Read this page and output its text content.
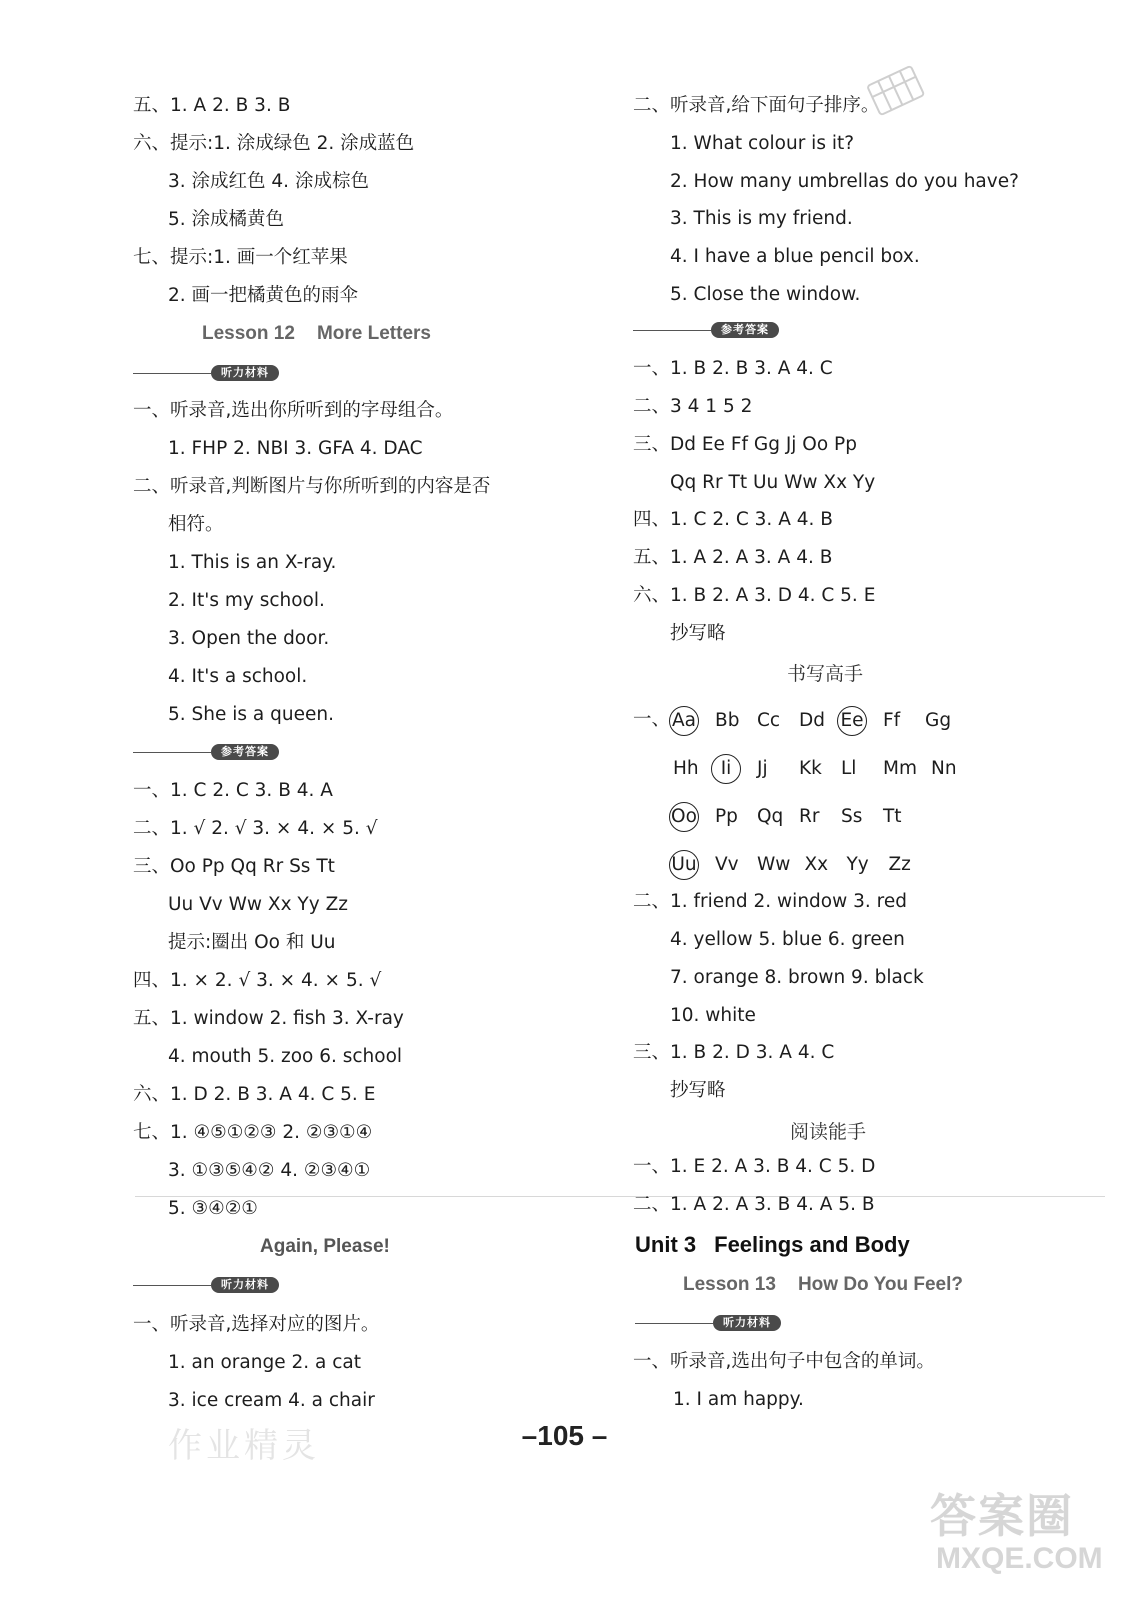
五、1. A 2. B 3. B
六、提示:1. 涂成绿色 2. 涂成蓝色
3. 涂成红色 4. 涂成棕色
5. 涂成橘黄色
七、提示:1. 画一个红苹果
2. 画一把橘黄色的雨伞
Lesson 12 More Letters
听力材料
一、听录音,选出你所听到的字母组合。
1. FHP 2. NBI 3. GFA 4. DAC
二、听录音,判断图片与你所听到的内容是否
相符。
1. This is an X-ray.
2. It's my school.
3. Open the door.
4. It's a school.
5. She is a queen.
参考答案
一、1. C 2. C 3. B 4. A
二、1. √ 2. √ 3. × 4. × 5. √
三、Oo Pp Qq Rr Ss Tt
Uu Vv Ww Xx Yy Zz
提示:圈出 Oo 和 Uu
四、1. × 2. √ 3. × 4. × 5. √
五、1. window 2. fish 3. X-ray
4. mouth 5. zoo 6. school
六、1. D 2. B 3. A 4. C 5. E
七、1. ④⑤①②③ 2. ②③①④
3. ①③⑤④② 4. ②③④①
5. ③④②①
Again, Please!
听力材料
一、听录音,选择对应的图片。
1. an orange 2. a cat
3. ice cream 4. a chair
二、听录音,给下面句子排序。
1. What colour is it?
2. How many umbrellas do you have?
3. This is my friend.
4. I have a blue pencil box.
5. Close the window.
参考答案
一、1. B 2. B 3. A 4. C
二、3 4 1 5 2
三、Dd Ee Ff Gg Jj Oo Pp
Qq Rr Tt Uu Ww Xx Yy
四、1. C 2. C 3. A 4. B
五、1. A 2. A 3. A 4. B
六、1. B 2. A 3. D 4. C 5. E
抄写略
书写高手
一、 Aa Bb Cc Dd Ee Ff Gg
Hh Ii Jj Kk Ll Mm Nn
Oo Pp Qq Rr Ss Tt
Uu Vv Ww Xx Yy Zz
二、1. friend 2. window 3. red
4. yellow 5. blue 6. green
7. orange 8. brown 9. black
10. white
三、1. B 2. D 3. A 4. C
抄写略
阅读能手
一、1. E 2. A 3. B 4. C 5. D
二、1. A 2. A 3. B 4. A 5. B
Unit 3 Feelings and Body
Lesson 13 How Do You Feel?
听力材料
一、听录音,选出句子中包含的单词。
1. I am happy.
–105 –
作业精灵
答案圈
MXQE.COM
